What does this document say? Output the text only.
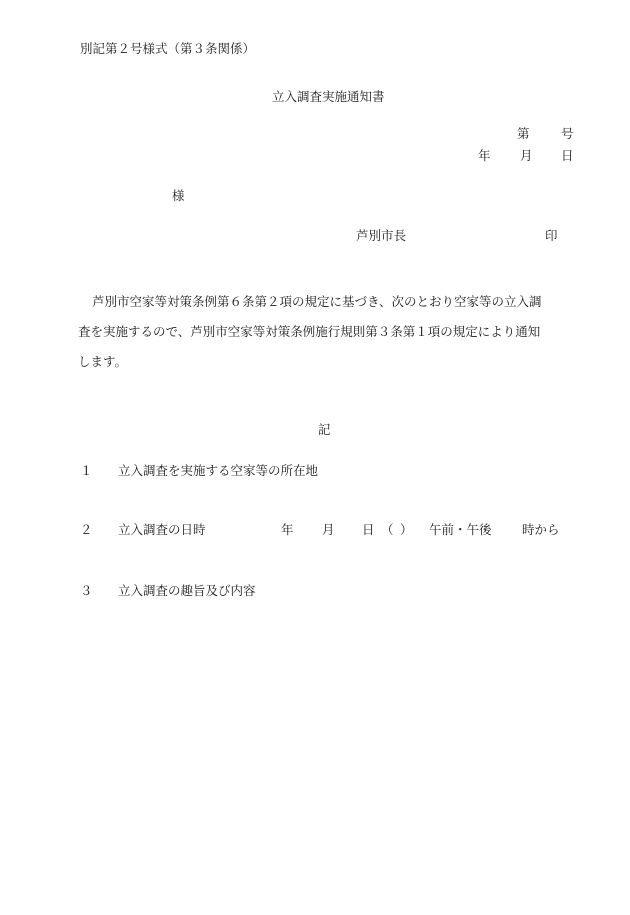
別記第２号様式（第３条関係）
立入調査実施通知書
第	号
年 月 日
様
芦別市長	印
芦別市空家等対策条例第６条第２項の規定に基づき、次のとおり空家等の立入調
査を実施するので、芦別市空家等対策条例施行規則第３条第１項の規定により通知
します。
記
１ 立入調査を実施する空家等の所在地
２ 立入調査の日時	年 月 日 （ ） 午前・午後 時から
３ 立入調査の趣旨及び内容
